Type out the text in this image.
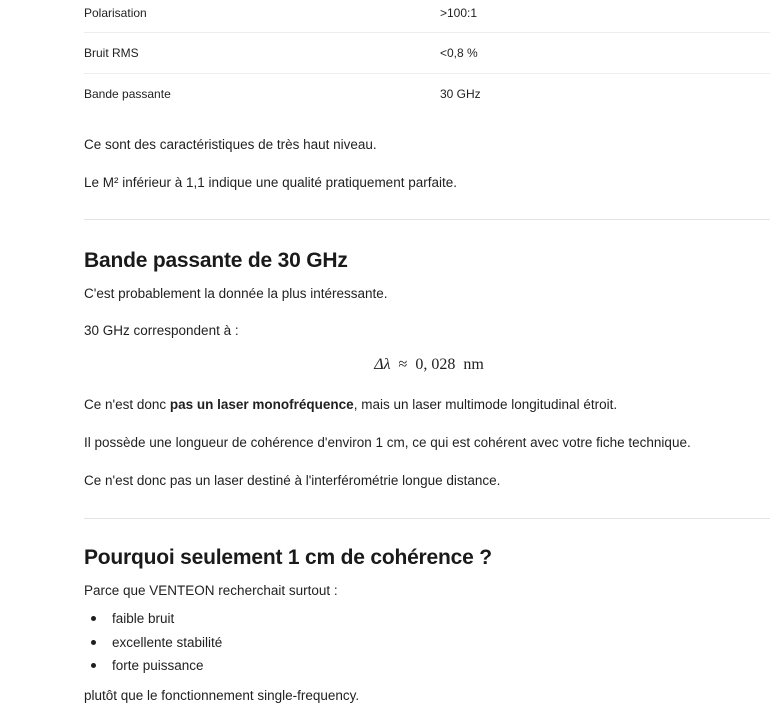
Polarisation	>100:1
Bruit RMS	<0,8 %
Bande passante	30 GHz

Ce sont des caractéristiques de très haut niveau.

Le M² inférieur à 1,1 indique une qualité pratiquement parfaite.

Bande passante de 30 GHz

C'est probablement la donnée la plus intéressante.

30 GHz correspondent à :

Δλ ≈ 0, 028 nm

Ce n'est donc pas un laser monofréquence, mais un laser multimode longitudinal étroit.

Il possède une longueur de cohérence d'environ 1 cm, ce qui est cohérent avec votre fiche technique.

Ce n'est donc pas un laser destiné à l'interférométrie longue distance.

Pourquoi seulement 1 cm de cohérence ?

Parce que VENTEON recherchait surtout :

faible bruit
excellente stabilité
forte puissance

plutôt que le fonctionnement single-frequency.
